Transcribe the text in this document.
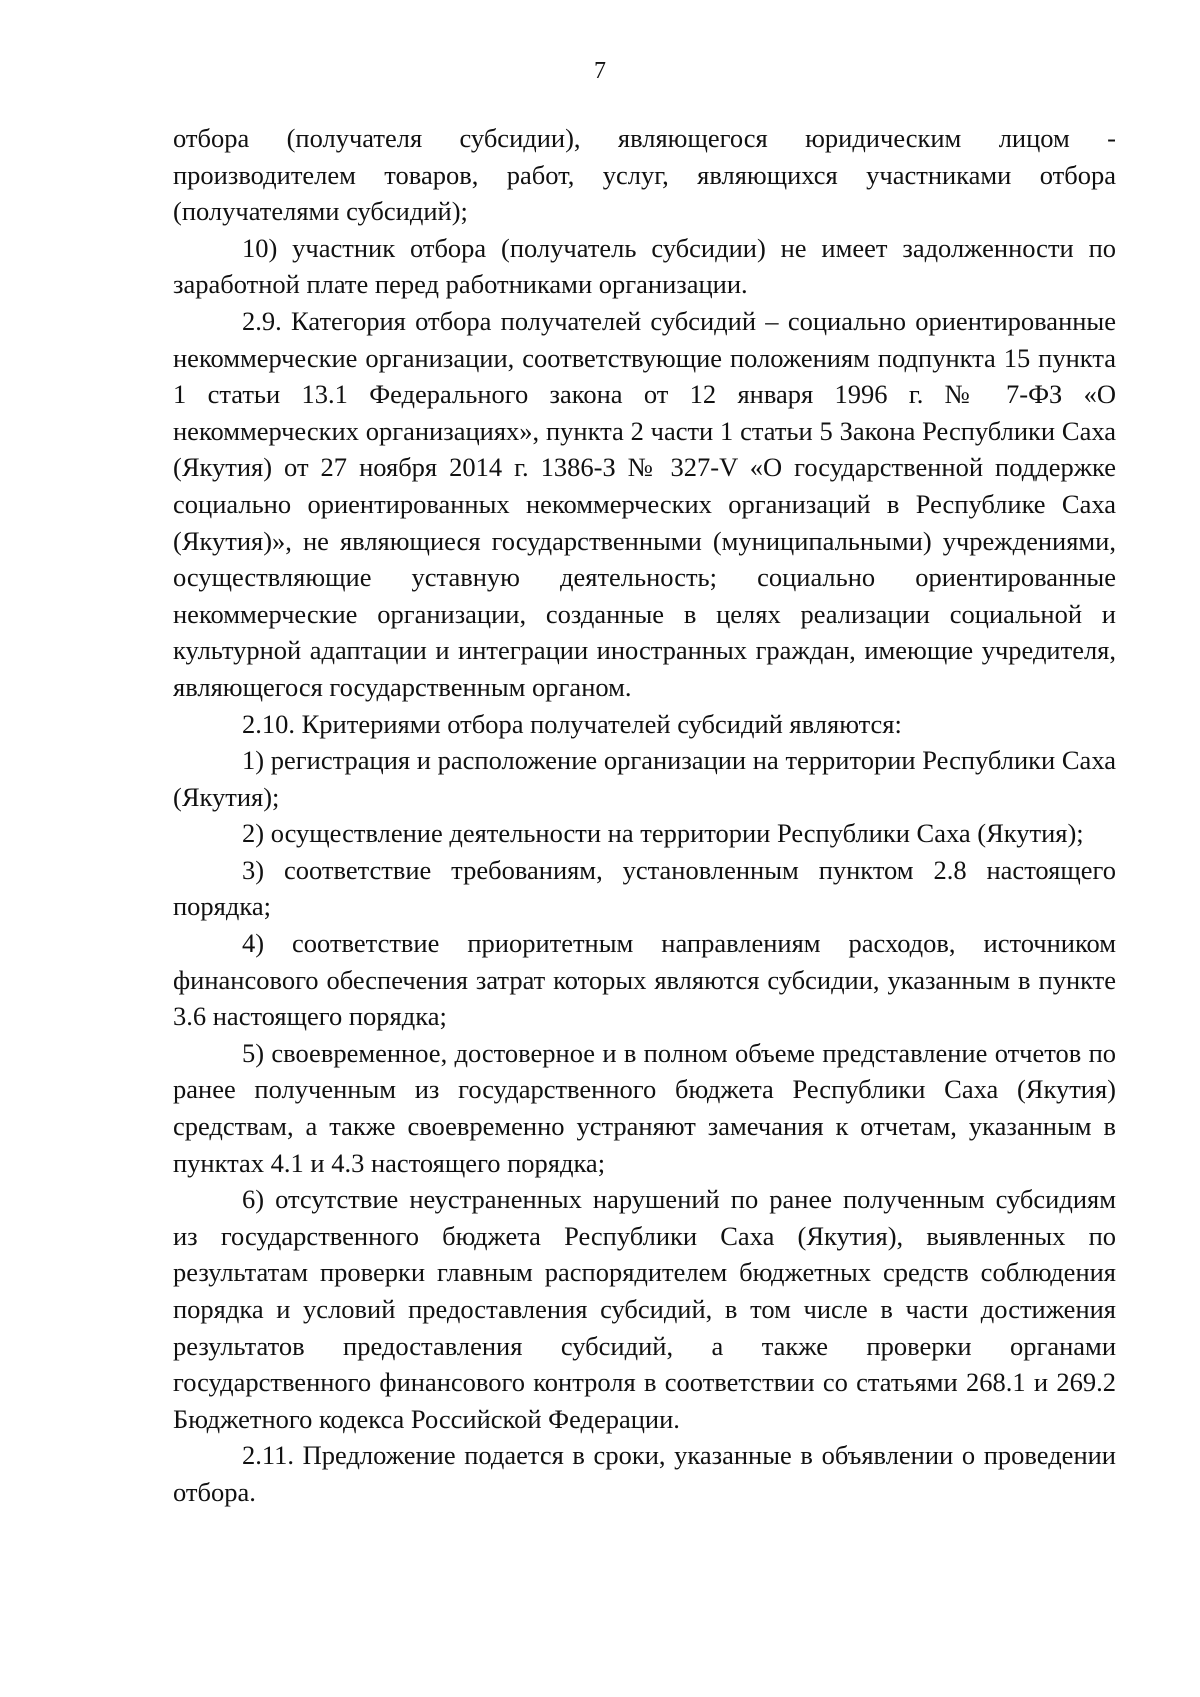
7

отбора (получателя субсидии), являющегося юридическим лицом - производителем товаров, работ, услуг, являющихся участниками отбора (получателями субсидий);

10) участник отбора (получатель субсидии) не имеет задолженности по заработной плате перед работниками организации.

2.9. Категория отбора получателей субсидий – социально ориентированные некоммерческие организации, соответствующие положениям подпункта 15 пункта 1 статьи 13.1 Федерального закона от 12 января 1996 г. № 7-ФЗ «О некоммерческих организациях», пункта 2 части 1 статьи 5 Закона Республики Саха (Якутия) от 27 ноября 2014 г. 1386-З № 327-V «О государственной поддержке социально ориентированных некоммерческих организаций в Республике Саха (Якутия)», не являющиеся государственными (муниципальными) учреждениями, осуществляющие уставную деятельность; социально ориентированные некоммерческие организации, созданные в целях реализации социальной и культурной адаптации и интеграции иностранных граждан, имеющие учредителя, являющегося государственным органом.

2.10. Критериями отбора получателей субсидий являются:

1) регистрация и расположение организации на территории Республики Саха (Якутия);

2) осуществление деятельности на территории Республики Саха (Якутия);

3) соответствие требованиям, установленным пунктом 2.8 настоящего порядка;

4) соответствие приоритетным направлениям расходов, источником финансового обеспечения затрат которых являются субсидии, указанным в пункте 3.6 настоящего порядка;

5) своевременное, достоверное и в полном объеме представление отчетов по ранее полученным из государственного бюджета Республики Саха (Якутия) средствам, а также своевременно устраняют замечания к отчетам, указанным в пунктах 4.1 и 4.3 настоящего порядка;

6) отсутствие неустраненных нарушений по ранее полученным субсидиям из государственного бюджета Республики Саха (Якутия), выявленных по результатам проверки главным распорядителем бюджетных средств соблюдения порядка и условий предоставления субсидий, в том числе в части достижения результатов предоставления субсидий, а также проверки органами государственного финансового контроля в соответствии со статьями 268.1 и 269.2 Бюджетного кодекса Российской Федерации.

2.11. Предложение подается в сроки, указанные в объявлении о проведении отбора.
